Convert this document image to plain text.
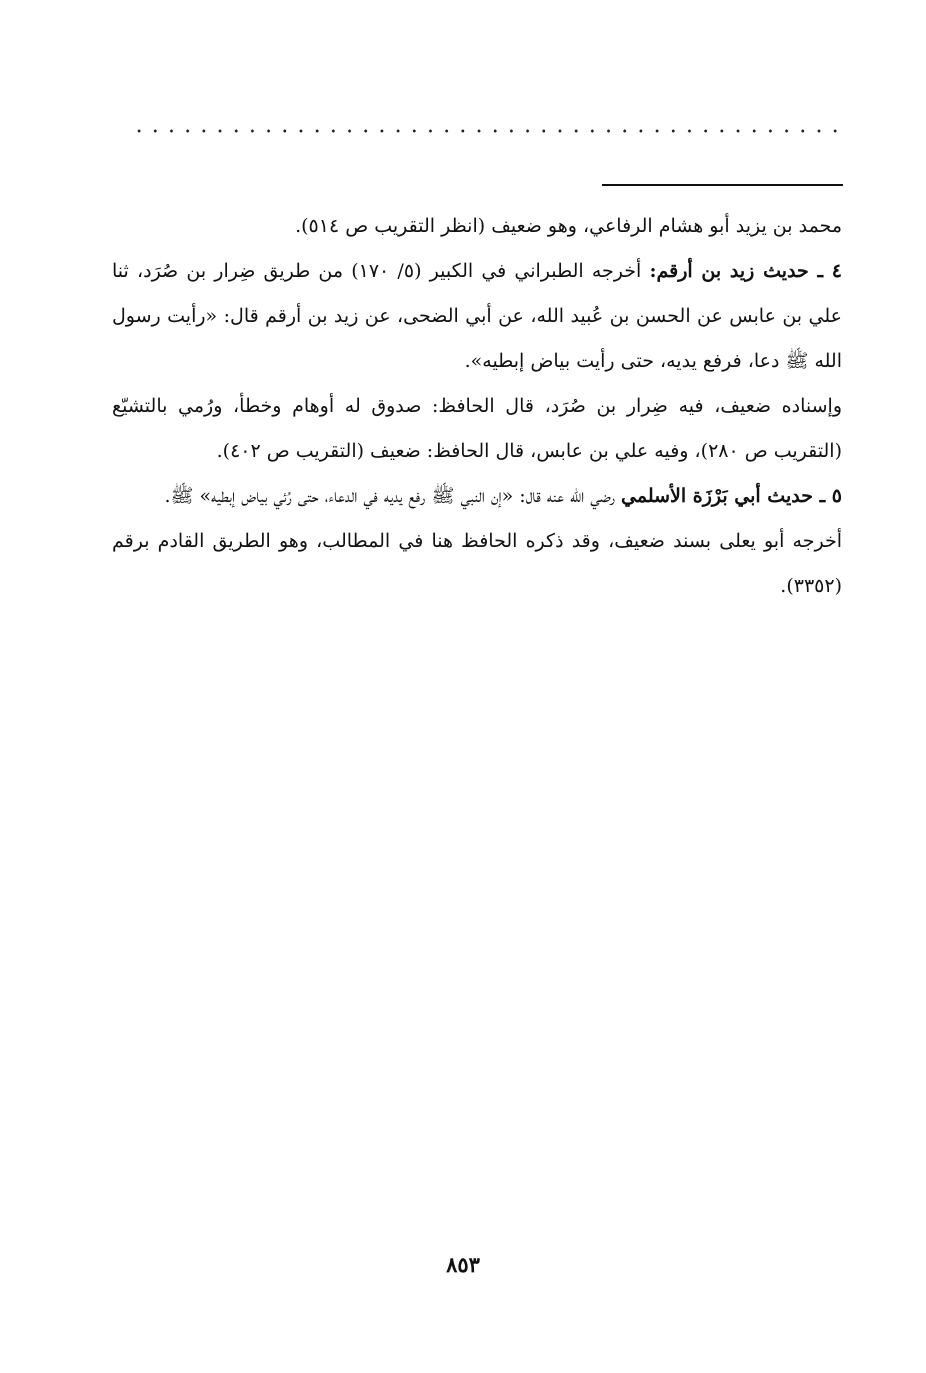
محمد بن يزيد أبو هشام الرفاعي، وهو ضعيف (انظر التقريب ص ٥١٤).

٤ ـ حديث زيد بن أرقم: أخرجه الطبراني في الكبير (٥/ ١٧٠) من طريق ضِرار بن صُرَد، ثنا علي بن عابس عن الحسن بن عُبيد الله، عن أبي الضحى، عن زيد بن أرقم قال: «رأيت رسول الله ﷺ دعا، فرفع يديه، حتى رأيت بياض إبطيه».

وإسناده ضعيف، فيه ضِرار بن صُرَد، قال الحافظ: صدوق له أوهام وخطأ، ورُمي بالتشيّع (التقريب ص ٢٨٠)، وفيه علي بن عابس، قال الحافظ: ضعيف (التقريب ص ٤٠٢).

٥ ـ حديث أبي بَرْزَة الأسلمي رضي الله عنه قال: «إن النبي ﷺ رفع يديه في الدعاء، حتى رُئي بياض إبطيه» ﷺ.

أخرجه أبو يعلى بسند ضعيف، وقد ذكره الحافظ هنا في المطالب، وهو الطريق القادم برقم (٣٣٥٢).

٨٥٣
